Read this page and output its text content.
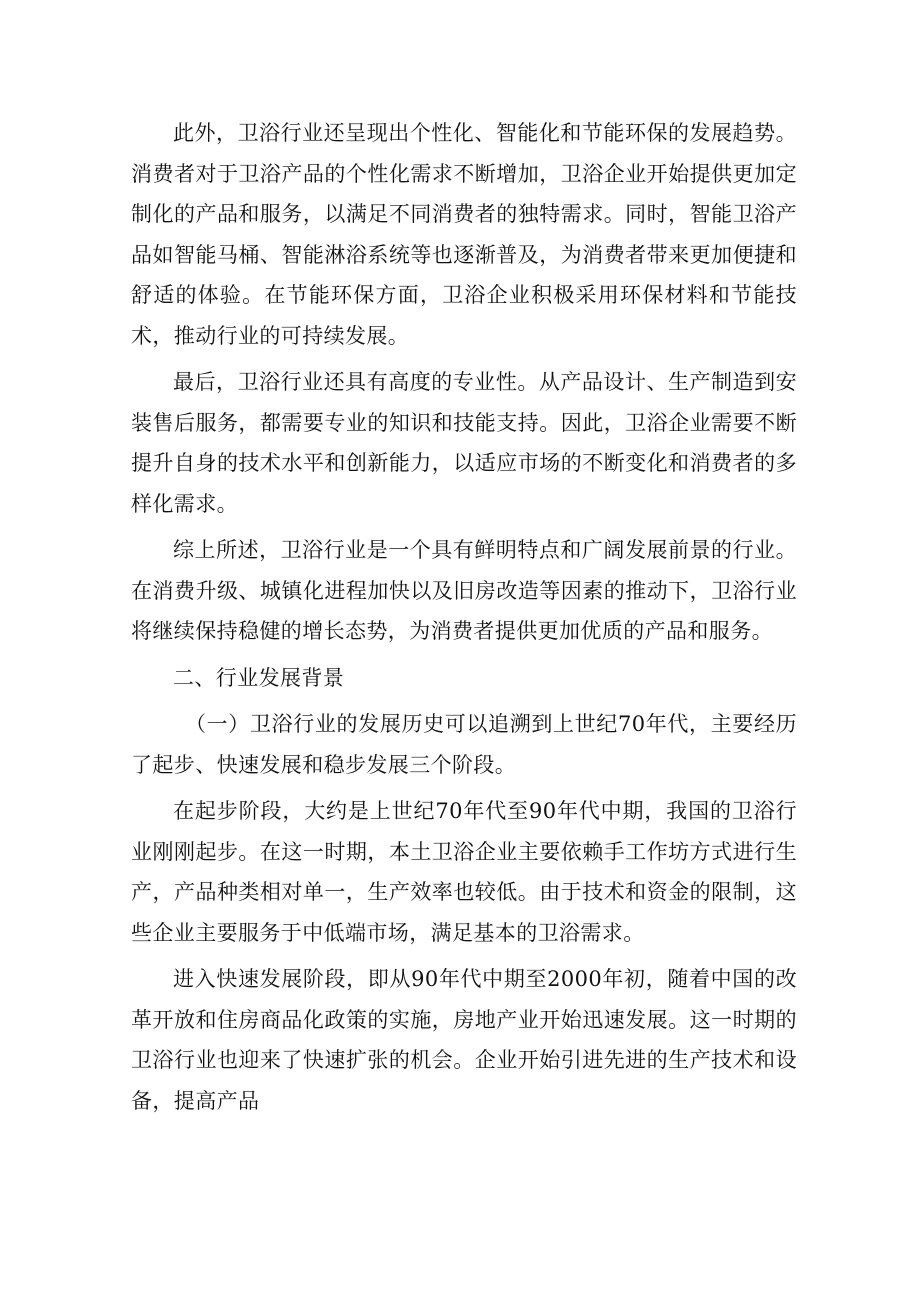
此外，卫浴行业还呈现出个性化、智能化和节能环保的发展趋势。消费者对于卫浴产品的个性化需求不断增加，卫浴企业开始提供更加定制化的产品和服务，以满足不同消费者的独特需求。同时，智能卫浴产品如智能马桶、智能淋浴系统等也逐渐普及，为消费者带来更加便捷和舒适的体验。在节能环保方面，卫浴企业积极采用环保材料和节能技术，推动行业的可持续发展。

最后，卫浴行业还具有高度的专业性。从产品设计、生产制造到安装售后服务，都需要专业的知识和技能支持。因此，卫浴企业需要不断提升自身的技术水平和创新能力，以适应市场的不断变化和消费者的多样化需求。

综上所述，卫浴行业是一个具有鲜明特点和广阔发展前景的行业。在消费升级、城镇化进程加快以及旧房改造等因素的推动下，卫浴行业将继续保持稳健的增长态势，为消费者提供更加优质的产品和服务。

二、行业发展背景

（一）卫浴行业的发展历史可以追溯到上世纪70年代，主要经历了起步、快速发展和稳步发展三个阶段。

在起步阶段，大约是上世纪70年代至90年代中期，我国的卫浴行业刚刚起步。在这一时期，本土卫浴企业主要依赖手工作坊方式进行生产，产品种类相对单一，生产效率也较低。由于技术和资金的限制，这些企业主要服务于中低端市场，满足基本的卫浴需求。

进入快速发展阶段，即从90年代中期至2000年初，随着中国的改革开放和住房商品化政策的实施，房地产业开始迅速发展。这一时期的卫浴行业也迎来了快速扩张的机会。企业开始引进先进的生产技术和设备，提高产品
